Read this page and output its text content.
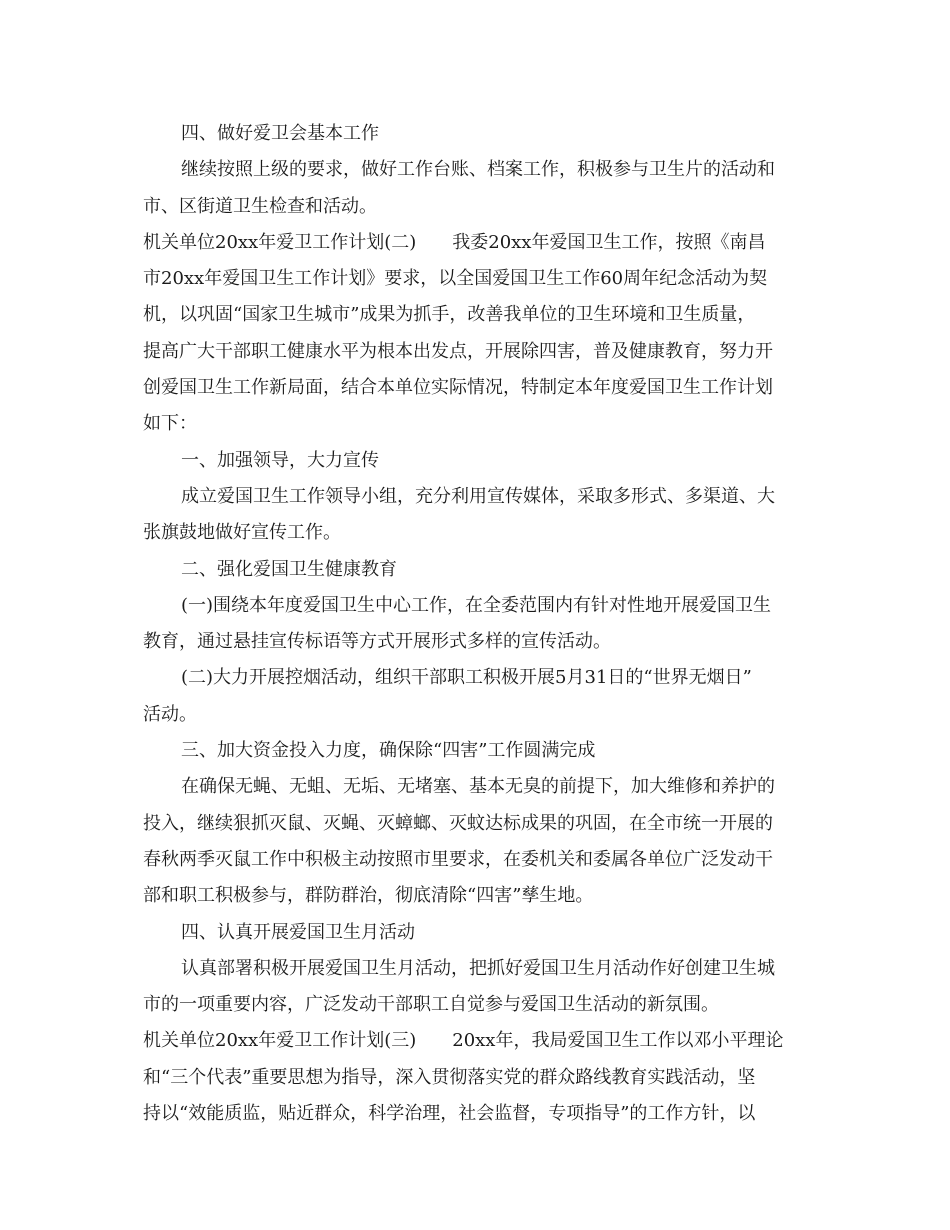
四、做好爱卫会基本工作

继续按照上级的要求，做好工作台账、档案工作，积极参与卫生片的活动和

市、区街道卫生检查和活动。

机关单位20xx年爱卫工作计划(二)　　我委20xx年爱国卫生工作，按照《南昌

市20xx年爱国卫生工作计划》要求，以全国爱国卫生工作60周年纪念活动为契

机，以巩固“国家卫生城市”成果为抓手，改善我单位的卫生环境和卫生质量，

提高广大干部职工健康水平为根本出发点，开展除四害，普及健康教育，努力开

创爱国卫生工作新局面，结合本单位实际情况，特制定本年度爱国卫生工作计划

如下：

一、加强领导，大力宣传

成立爱国卫生工作领导小组，充分利用宣传媒体，采取多形式、多渠道、大

张旗鼓地做好宣传工作。

二、强化爱国卫生健康教育

(一)围绕本年度爱国卫生中心工作，在全委范围内有针对性地开展爱国卫生

教育，通过悬挂宣传标语等方式开展形式多样的宣传活动。

(二)大力开展控烟活动，组织干部职工积极开展5月31日的“世界无烟日”

活动。

三、加大资金投入力度，确保除“四害”工作圆满完成

在确保无蝇、无蛆、无垢、无堵塞、基本无臭的前提下，加大维修和养护的

投入，继续狠抓灭鼠、灭蝇、灭蟑螂、灭蚊达标成果的巩固，在全市统一开展的

春秋两季灭鼠工作中积极主动按照市里要求，在委机关和委属各单位广泛发动干

部和职工积极参与，群防群治，彻底清除“四害”孳生地。

四、认真开展爱国卫生月活动

认真部署积极开展爱国卫生月活动，把抓好爱国卫生月活动作好创建卫生城

市的一项重要内容，广泛发动干部职工自觉参与爱国卫生活动的新氛围。

机关单位20xx年爱卫工作计划(三)　　20xx年，我局爱国卫生工作以邓小平理论

和“三个代表”重要思想为指导，深入贯彻落实党的群众路线教育实践活动，坚

持以“效能质监，贴近群众，科学治理，社会监督，专项指导”的工作方针，以
